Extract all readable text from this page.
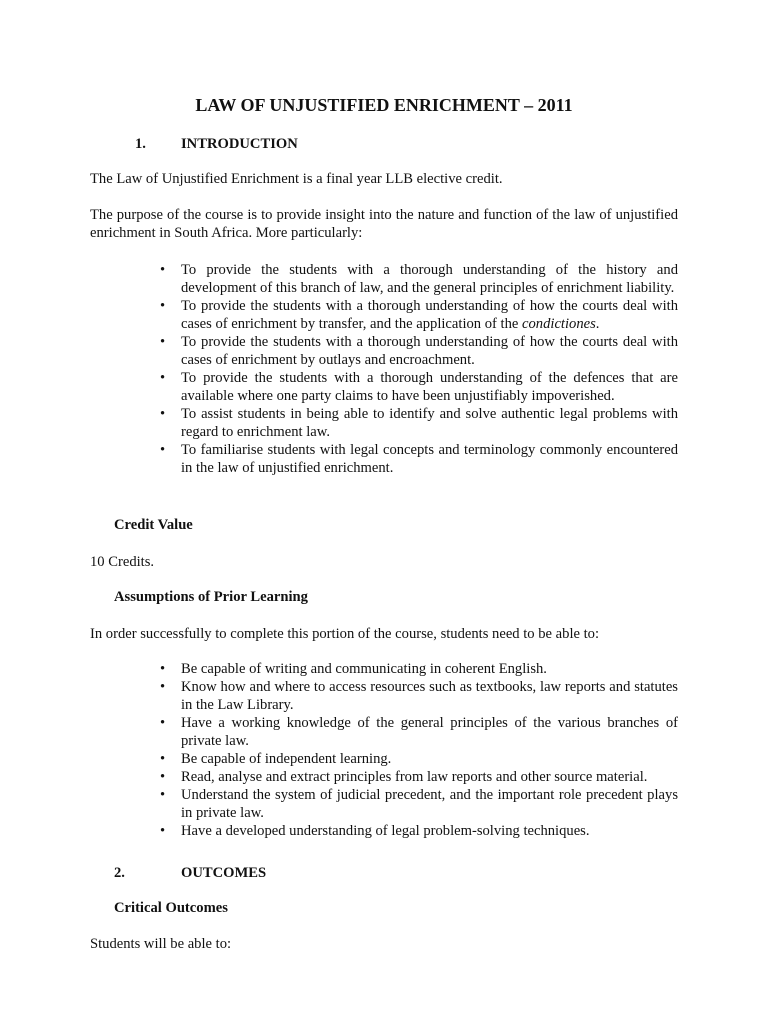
LAW OF UNJUSTIFIED ENRICHMENT – 2011
1. INTRODUCTION
The Law of Unjustified Enrichment is a final year LLB elective credit.
The purpose of the course is to provide insight into the nature and function of the law of unjustified enrichment in South Africa. More particularly:
•	To provide the students with a thorough understanding of the history and development of this branch of law, and the general principles of enrichment liability.
•	To provide the students with a thorough understanding of how the courts deal with cases of enrichment by transfer, and the application of the condictiones.
•	To provide the students with a thorough understanding of how the courts deal with cases of enrichment by outlays and encroachment.
•	To provide the students with a thorough understanding of the defences that are available where one party claims to have been unjustifiably impoverished.
•	To assist students in being able to identify and solve authentic legal problems with regard to enrichment law.
•	To familiarise students with legal concepts and terminology commonly encountered in the law of unjustified enrichment.
Credit Value
10 Credits.
Assumptions of Prior Learning
In order successfully to complete this portion of the course, students need to be able to:
•	Be capable of writing and communicating in coherent English.
•	Know how and where to access resources such as textbooks, law reports and statutes in the Law Library.
•	Have a working knowledge of the general principles of the various branches of private law.
•	Be capable of independent learning.
•	Read, analyse and extract principles from law reports and other source material.
•	Understand the system of judicial precedent, and the important role precedent plays in private law.
•	Have a developed understanding of legal problem-solving techniques.
2.	OUTCOMES
Critical Outcomes
Students will be able to:
